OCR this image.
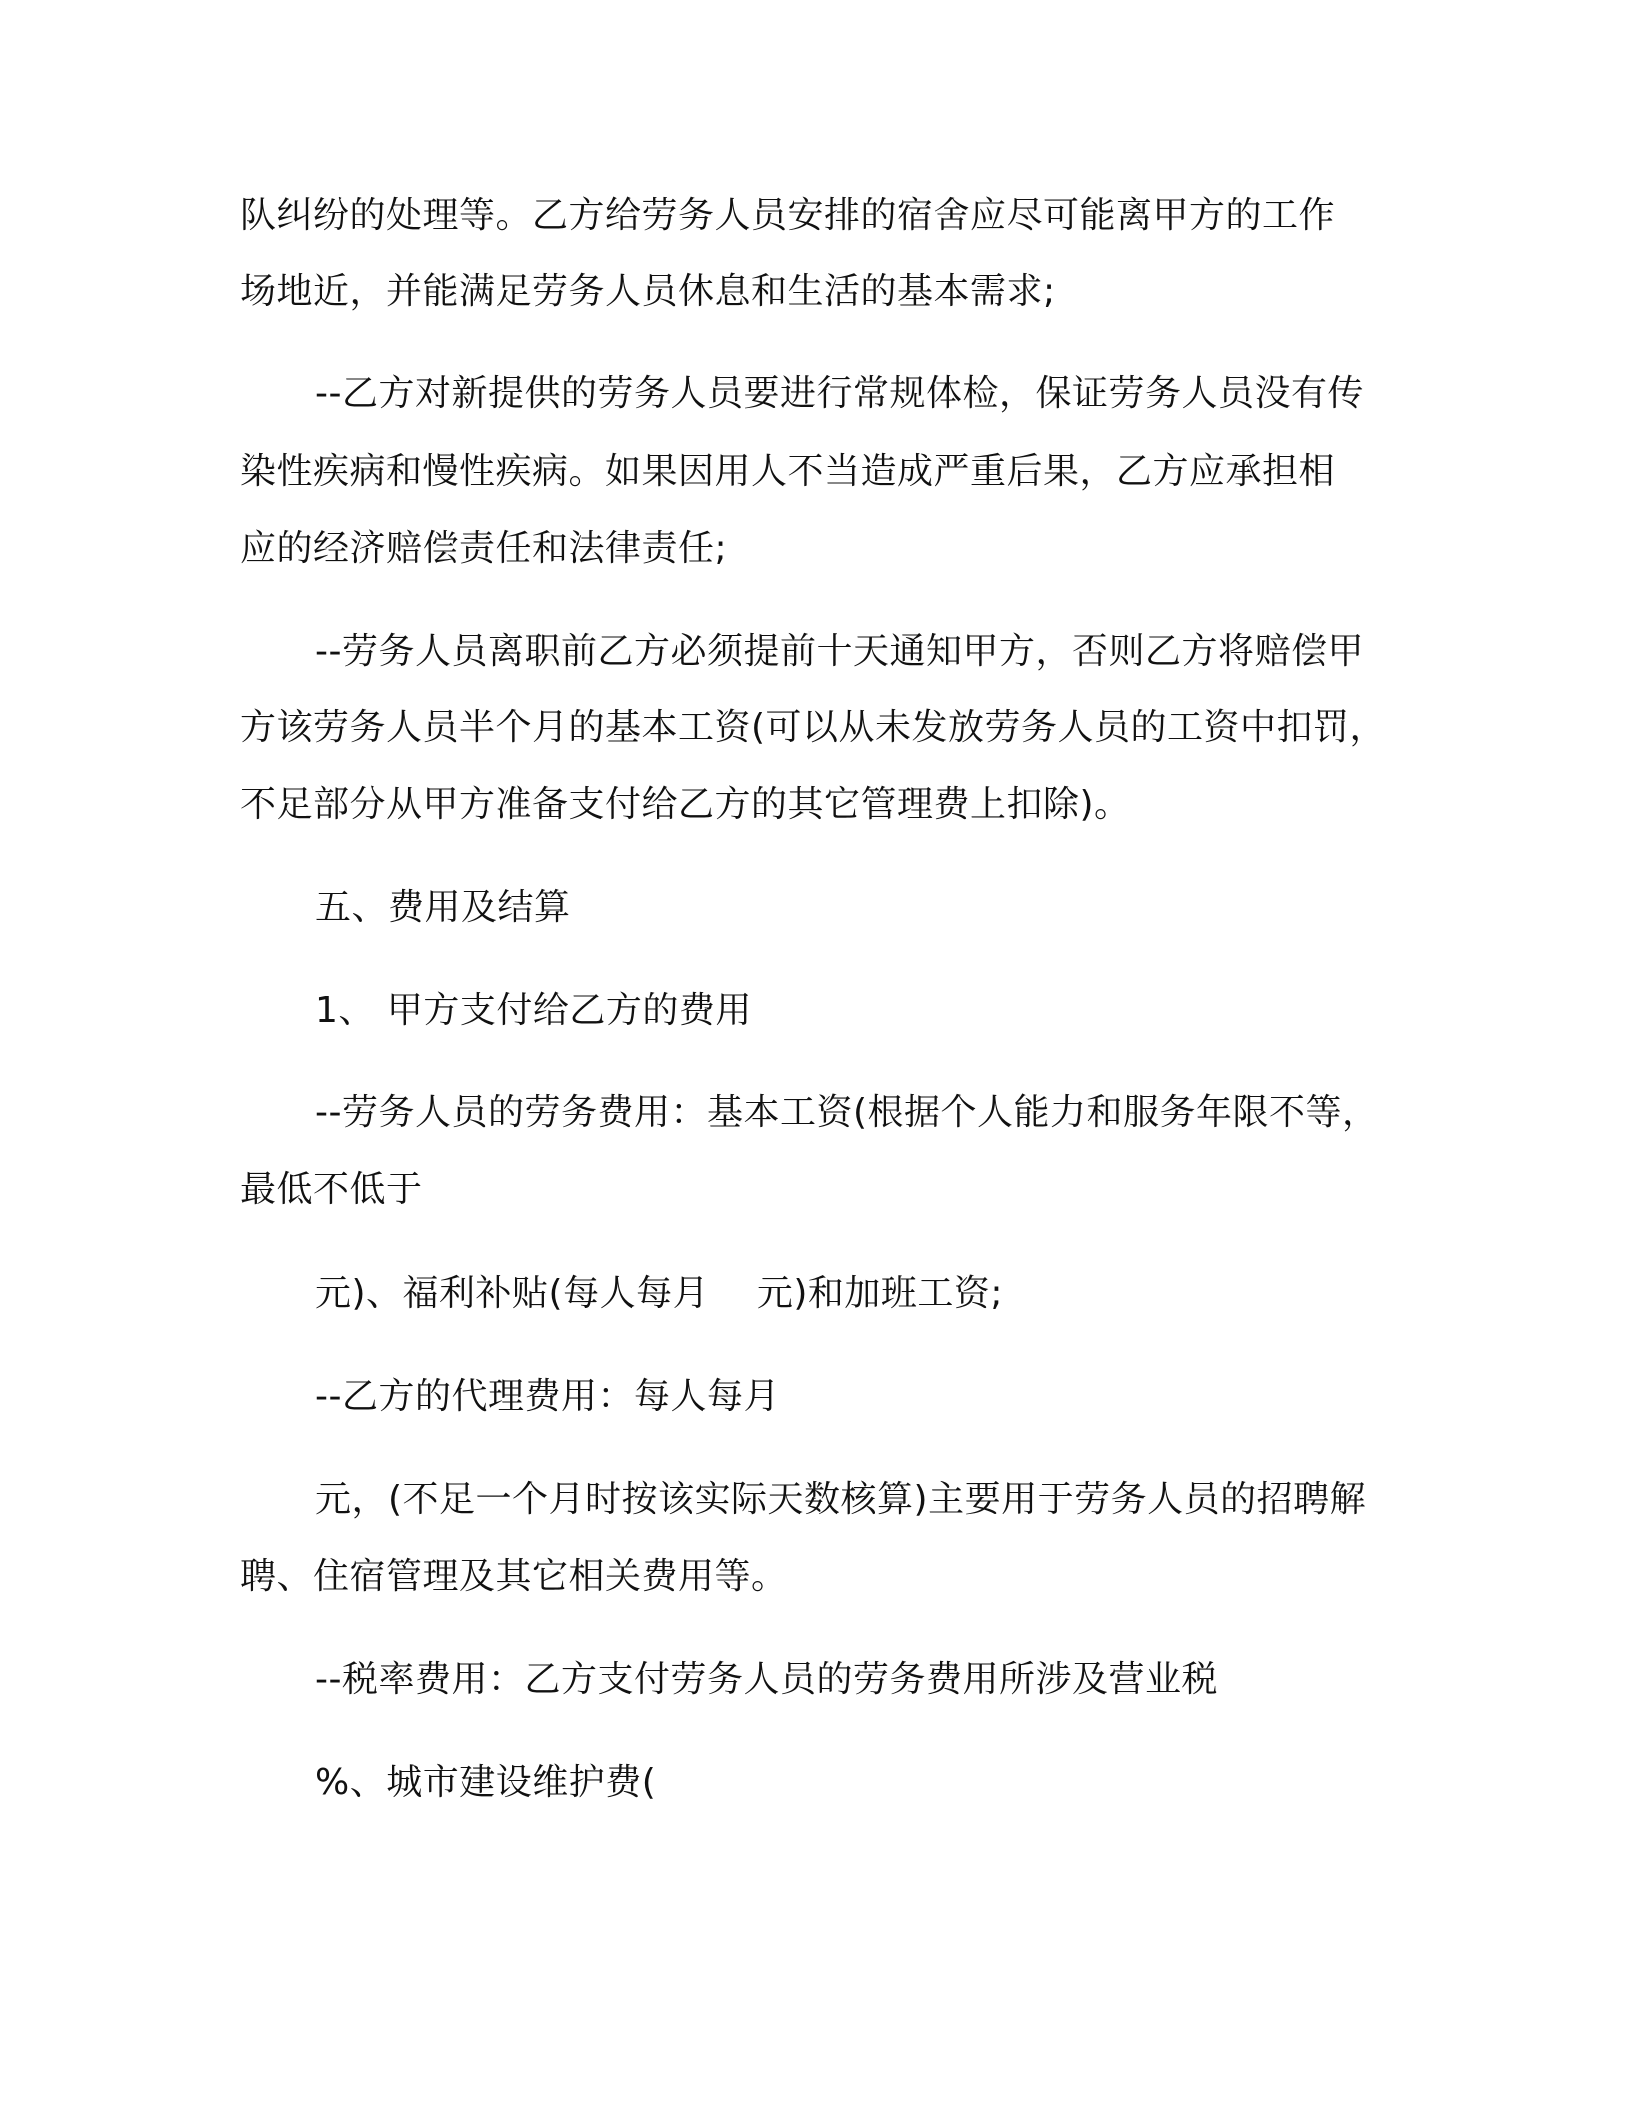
队纠纷的处理等。乙方给劳务人员安排的宿舍应尽可能离甲方的工作

场地近，并能满足劳务人员休息和生活的基本需求;

--乙方对新提供的劳务人员要进行常规体检，保证劳务人员没有传

染性疾病和慢性疾病。如果因用人不当造成严重后果，乙方应承担相

应的经济赔偿责任和法律责任;

--劳务人员离职前乙方必须提前十天通知甲方，否则乙方将赔偿甲

方该劳务人员半个月的基本工资(可以从未发放劳务人员的工资中扣罚，

不足部分从甲方准备支付给乙方的其它管理费上扣除)。

五、费用及结算

1、 甲方支付给乙方的费用

--劳务人员的劳务费用：基本工资(根据个人能力和服务年限不等，

最低不低于

元)、福利补贴(每人每月    元)和加班工资;

--乙方的代理费用：每人每月

元，(不足一个月时按该实际天数核算)主要用于劳务人员的招聘解

聘、住宿管理及其它相关费用等。

--税率费用：乙方支付劳务人员的劳务费用所涉及营业税

%、城市建设维护费(
